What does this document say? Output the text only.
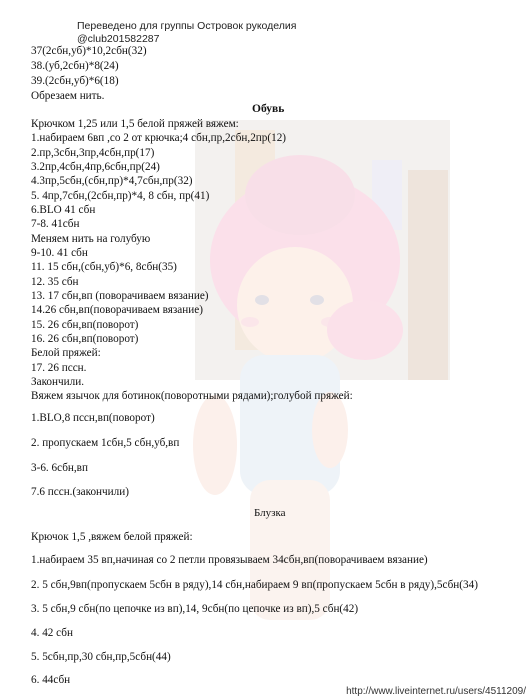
Переведено для группы Островок рукоделия
@club201582287
37(2сбн,уб)*10,2сбн(32)
38.(уб,2сбн)*8(24)
39.(2сбн,уб)*6(18)
Обрезаем нить.
Обувь
Крючком 1,25 или 1,5 белой пряжей вяжем:
1.набираем 6вп ,со 2 от крючка;4 сбн,пр,2сбн,2пр(12)
2.пр,3сбн,3пр,4сбн,пр(17)
3.2пр,4сбн,4пр,6сбн,пр(24)
4.3пр,5сбн,(сбн,пр)*4,7сбн,пр(32)
5. 4пр,7сбн,(2сбн,пр)*4, 8 сбн, пр(41)
6.BLO 41 сбн
7-8. 41сбн
Меняем нить на голубую
9-10. 41 сбн
11. 15 сбн,(сбн,уб)*6, 8сбн(35)
12. 35 сбн
13. 17 сбн,вп (поворачиваем вязание)
14.26 сбн,вп(поворачиваем вязание)
15. 26 сбн,вп(поворот)
16. 26 сбн,вп(поворот)
Белой пряжей:
17. 26 пссн.
Закончили.
Вяжем язычок для ботинок(поворотными рядами);голубой пряжей:
1.BLO,8 пссн,вп(поворот)
2. пропускаем 1сбн,5 сбн,уб,вп
3-6. 6сбн,вп
7.6 пссн.(закончили)
Блузка
Крючок 1,5 ,вяжем белой пряжей:
1.набираем 35 вп,начиная со 2 петли провязываем 34сбн,вп(поворачиваем вязание)
2. 5 сбн,9вп(пропускаем 5сбн в ряду),14 сбн,набираем 9 вп(пропускаем 5сбн в ряду),5сбн(34)
3. 5 сбн,9 сбн(по цепочке из вп),14, 9сбн(по цепочке из вп),5 сбн(42)
4. 42 сбн
5. 5сбн,пр,30 сбн,пр,5сбн(44)
6. 44сбн
http://www.liveinternet.ru/users/4511209/
